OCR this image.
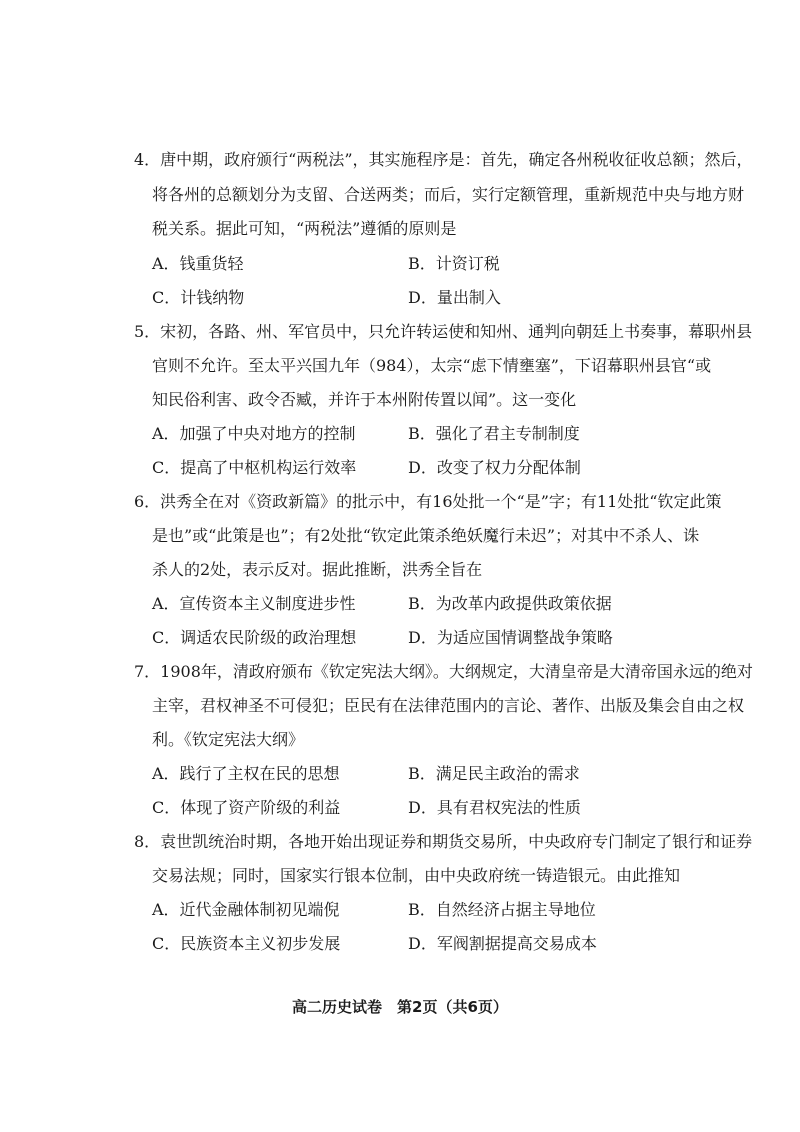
4．唐中期，政府颁行“两税法”，其实施程序是：首先，确定各州税收征收总额；然后，
将各州的总额划分为支留、合送两类；而后，实行定额管理，重新规范中央与地方财
税关系。据此可知，“两税法”遵循的原则是
A．钱重货轻	B．计资订税
C．计钱纳物	D．量出制入
5．宋初，各路、州、军官员中，只允许转运使和知州、通判向朝廷上书奏事，幕职州县
官则不允许。至太平兴国九年（984），太宗“虑下情壅塞”，下诏幕职州县官“或
知民俗利害、政令否臧，并许于本州附传置以闻”。这一变化
A．加强了中央对地方的控制	B．强化了君主专制制度
C．提高了中枢机构运行效率	D．改变了权力分配体制
6．洪秀全在对《资政新篇》的批示中，有16处批一个“是”字；有11处批“钦定此策
是也”或“此策是也”；有2处批“钦定此策杀绝妖魔行未迟”；对其中不杀人、诛
杀人的2处，表示反对。据此推断，洪秀全旨在
A．宣传资本主义制度进步性	B．为改革内政提供政策依据
C．调适农民阶级的政治理想	D．为适应国情调整战争策略
7．1908年，清政府颁布《钦定宪法大纲》。大纲规定，大清皇帝是大清帝国永远的绝对
主宰，君权神圣不可侵犯；臣民有在法律范围内的言论、著作、出版及集会自由之权
利。《钦定宪法大纲》
A．践行了主权在民的思想	B．满足民主政治的需求
C．体现了资产阶级的利益	D．具有君权宪法的性质
8．袁世凯统治时期，各地开始出现证券和期货交易所，中央政府专门制定了银行和证券
交易法规；同时，国家实行银本位制，由中央政府统一铸造银元。由此推知
A．近代金融体制初见端倪	B．自然经济占据主导地位
C．民族资本主义初步发展	D．军阀割据提高交易成本
高二历史试卷　第2页（共6页）
